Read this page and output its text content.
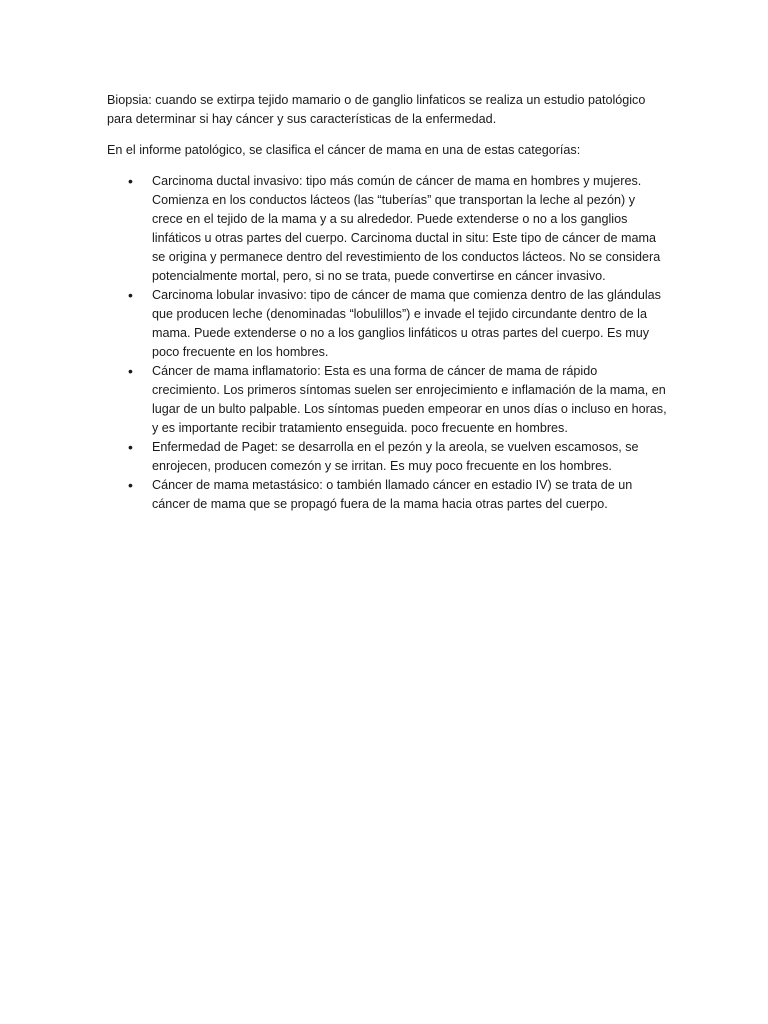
Biopsia: cuando se extirpa tejido mamario o de ganglio linfaticos se realiza un estudio patológico para determinar si hay cáncer y sus características de la enfermedad.

En el informe patológico, se clasifica el cáncer de mama en una de estas categorías:

• Carcinoma ductal invasivo: tipo más común de cáncer de mama en hombres y mujeres. Comienza en los conductos lácteos (las “tuberías” que transportan la leche al pezón) y crece en el tejido de la mama y a su alrededor. Puede extenderse o no a los ganglios linfáticos u otras partes del cuerpo. Carcinoma ductal in situ: Este tipo de cáncer de mama se origina y permanece dentro del revestimiento de los conductos lácteos. No se considera potencialmente mortal, pero, si no se trata, puede convertirse en cáncer invasivo.
• Carcinoma lobular invasivo: tipo de cáncer de mama que comienza dentro de las glándulas que producen leche (denominadas “lobulillos”) e invade el tejido circundante dentro de la mama. Puede extenderse o no a los ganglios linfáticos u otras partes del cuerpo. Es muy poco frecuente en los hombres.
• Cáncer de mama inflamatorio: Esta es una forma de cáncer de mama de rápido crecimiento. Los primeros síntomas suelen ser enrojecimiento e inflamación de la mama, en lugar de un bulto palpable. Los síntomas pueden empeorar en unos días o incluso en horas, y es importante recibir tratamiento enseguida. poco frecuente en hombres.
• Enfermedad de Paget: se desarrolla en el pezón y la areola, se vuelven escamosos, se enrojecen, producen comezón y se irritan. Es muy poco frecuente en los hombres.
• Cáncer de mama metastásico: o también llamado cáncer en estadio IV) se trata de un cáncer de mama que se propagó fuera de la mama hacia otras partes del cuerpo.
